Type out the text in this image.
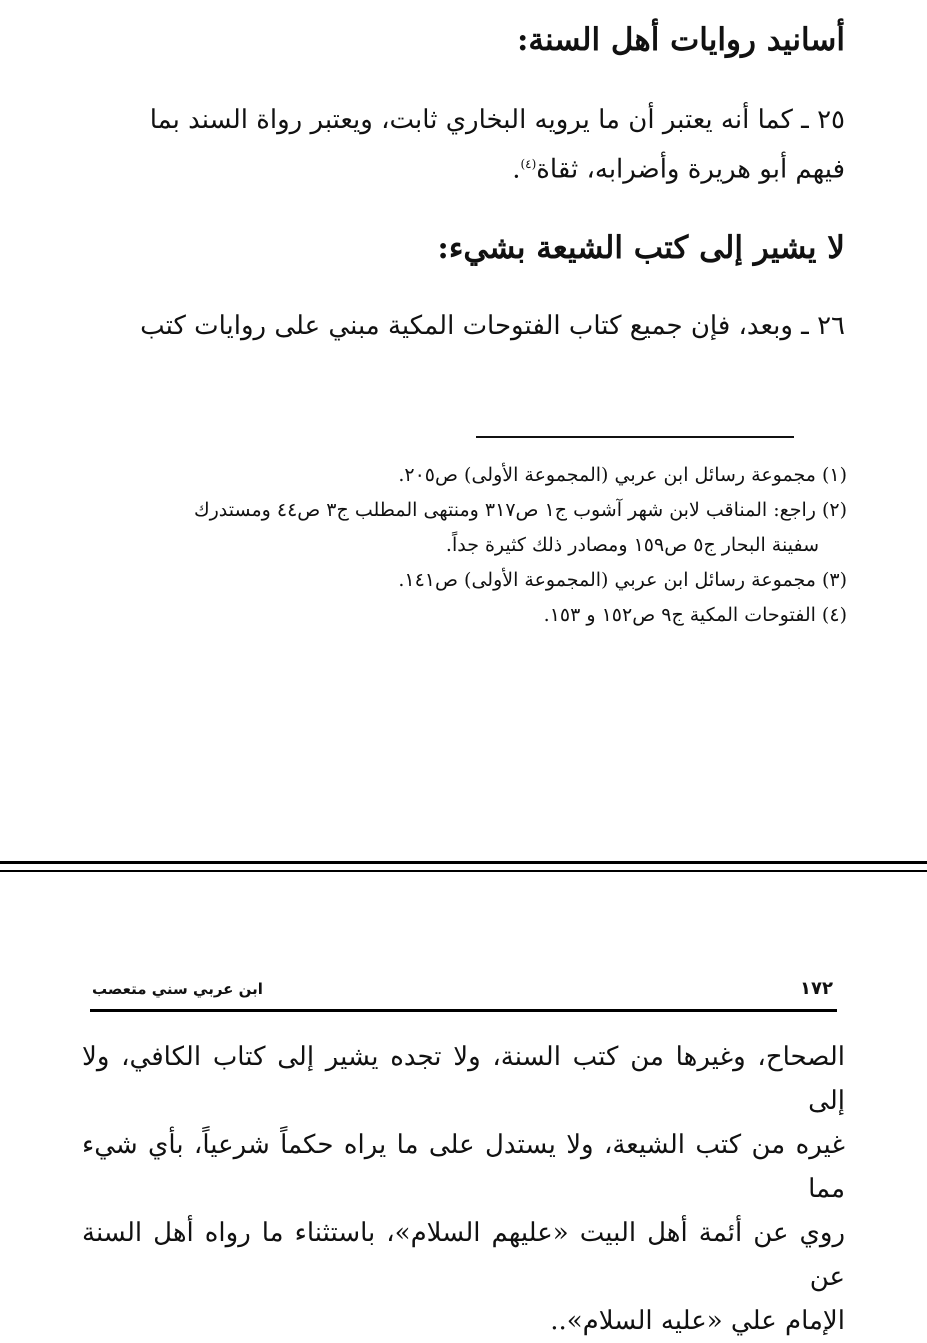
أسانيد روايات أهل السنة:

٢٥ ـ كما أنه يعتبر أن ما يرويه البخاري ثابت، ويعتبر رواة السند بما
فيهم أبو هريرة وأضرابه، ثقاة$^{(٤)}$.

لا يشير إلى كتب الشيعة بشيء:

٢٦ ـ وبعد، فإن جميع كتاب الفتوحات المكية مبني على روايات كتب

(١) مجموعة رسائل ابن عربي (المجموعة الأولى) ص٢٠٥.
(٢) راجع: المناقب لابن شهر آشوب ج١ ص٣١٧ ومنتهى المطلب ج٣ ص٤٤ ومستدرك
سفينة البحار ج٥ ص١٥٩ ومصادر ذلك كثيرة جداً.
(٣) مجموعة رسائل ابن عربي (المجموعة الأولى) ص١٤١.
(٤) الفتوحات المكية ج٩ ص١٥٢ و ١٥٣.
١٧٢
ابن عربي سني متعصب

الصحاح، وغيرها من كتب السنة، ولا تجده يشير إلى كتاب الكافي، ولا إلى
غيره من كتب الشيعة، ولا يستدل على ما يراه حكماً شرعياً، بأي شيء مما
روي عن أئمة أهل البيت «عليهم السلام»، باستثناء ما رواه أهل السنة عن
الإمام علي «عليه السلام»..
